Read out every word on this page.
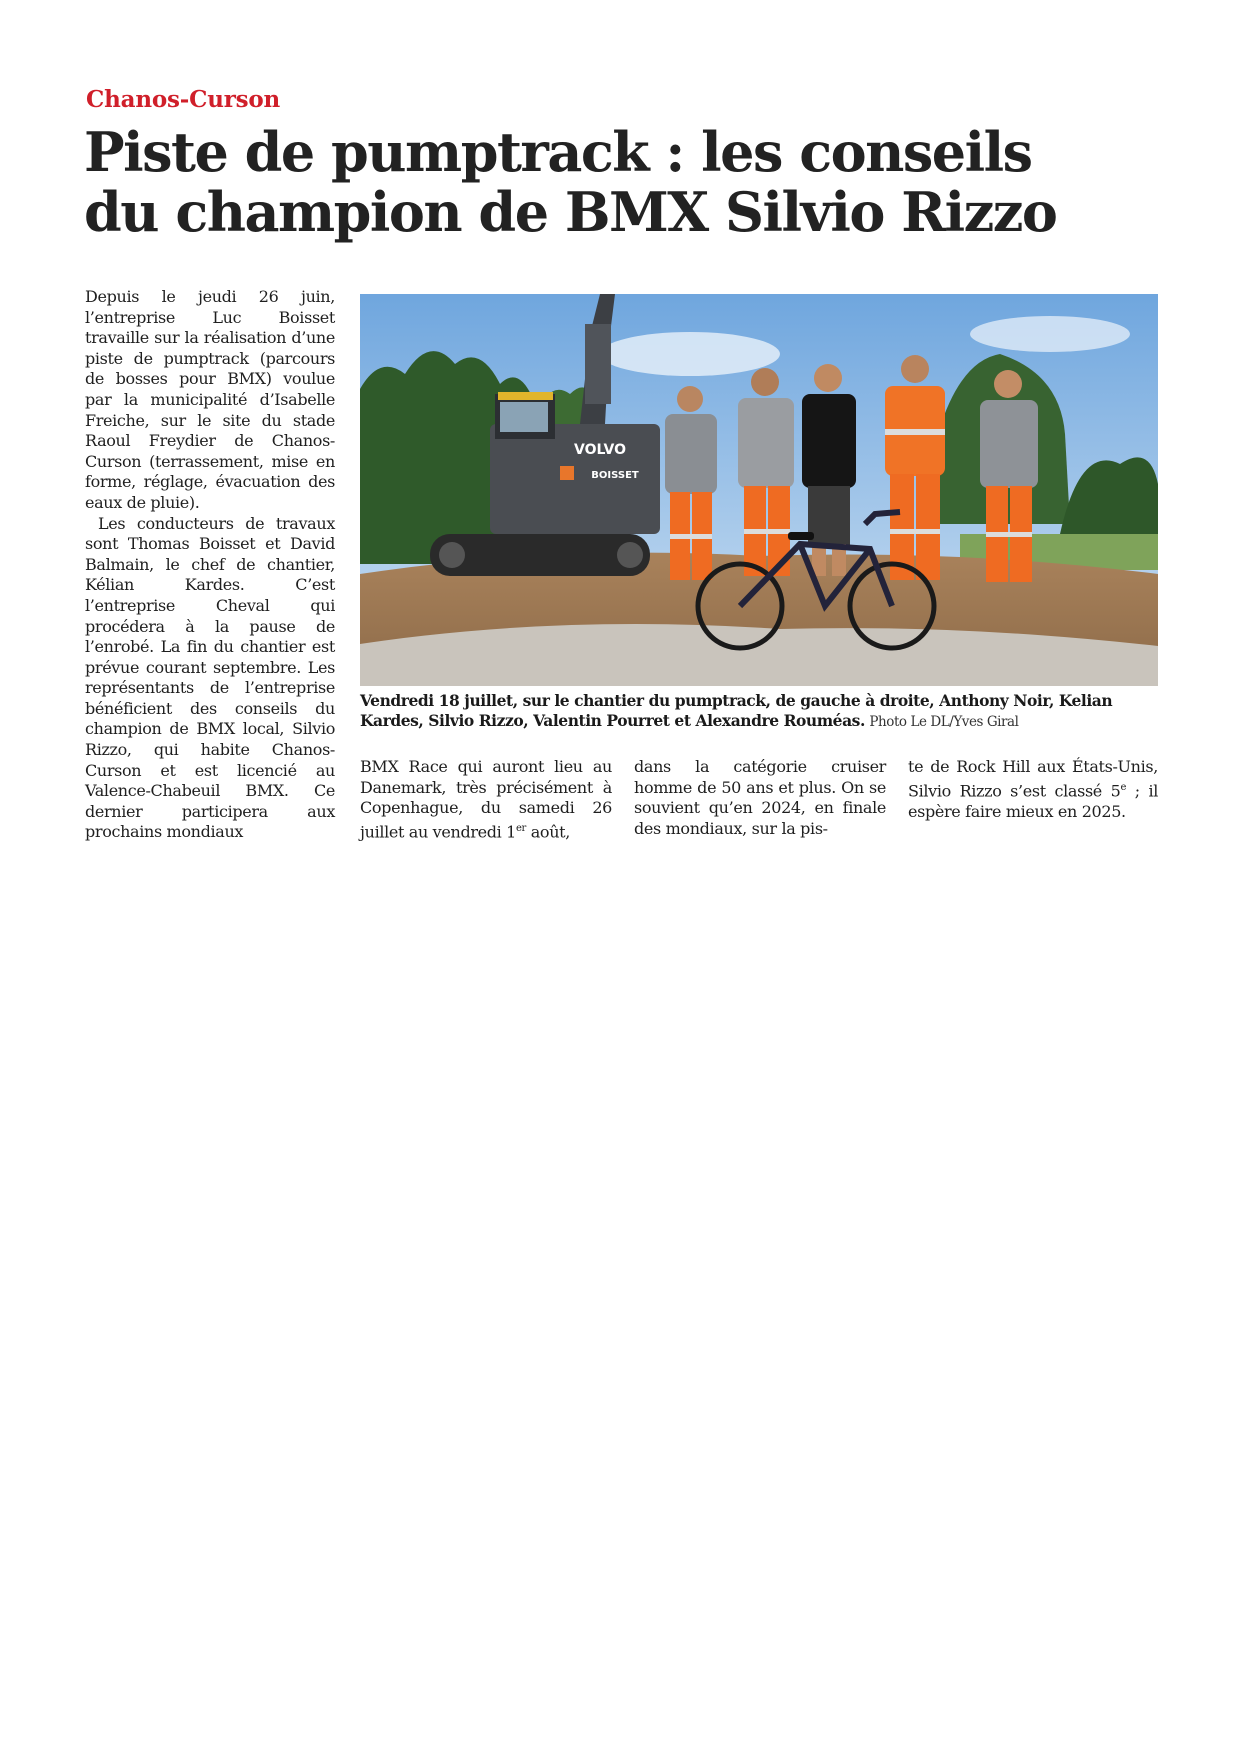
Chanos-Curson
Piste de pumptrack : les conseils
du champion de BMX Silvio Rizzo

Depuis le jeudi 26 juin, l’entreprise Luc Boisset travaille sur la réalisation d’une piste de pumptrack (parcours de bosses pour BMX) voulue par la municipalité d’Isabelle Freiche, sur le site du stade Raoul Freydier de Chanos-Curson (terrassement, mise en forme, réglage, évacuation des eaux de pluie).

Les conducteurs de travaux sont Thomas Boisset et David Balmain, le chef de chantier, Kélian Kardes. C’est l’entreprise Cheval qui procédera à la pause de l’enrobé. La fin du chantier est prévue courant septembre. Les représentants de l’entreprise bénéficient des conseils du champion de BMX local, Silvio Rizzo, qui habite Chanos-Curson et est licencié au Valence-Chabeuil BMX. Ce dernier participera aux prochains mondiaux

VOLVO
BOISSET
Vendredi 18 juillet, sur le chantier du pumptrack, de gauche à droite, Anthony Noir, Kelian Kardes, Silvio Rizzo, Valentin Pourret et Alexandre Rouméas. Photo Le DL/Yves Giral

BMX Race qui auront lieu au Danemark, très précisément à Copenhague, du samedi 26 juillet au vendredi 1er août,

dans la catégorie cruiser homme de 50 ans et plus. On se souvient qu’en 2024, en finale des mondiaux, sur la pis-

te de Rock Hill aux États-Unis, Silvio Rizzo s’est classé 5e ; il espère faire mieux en 2025.
